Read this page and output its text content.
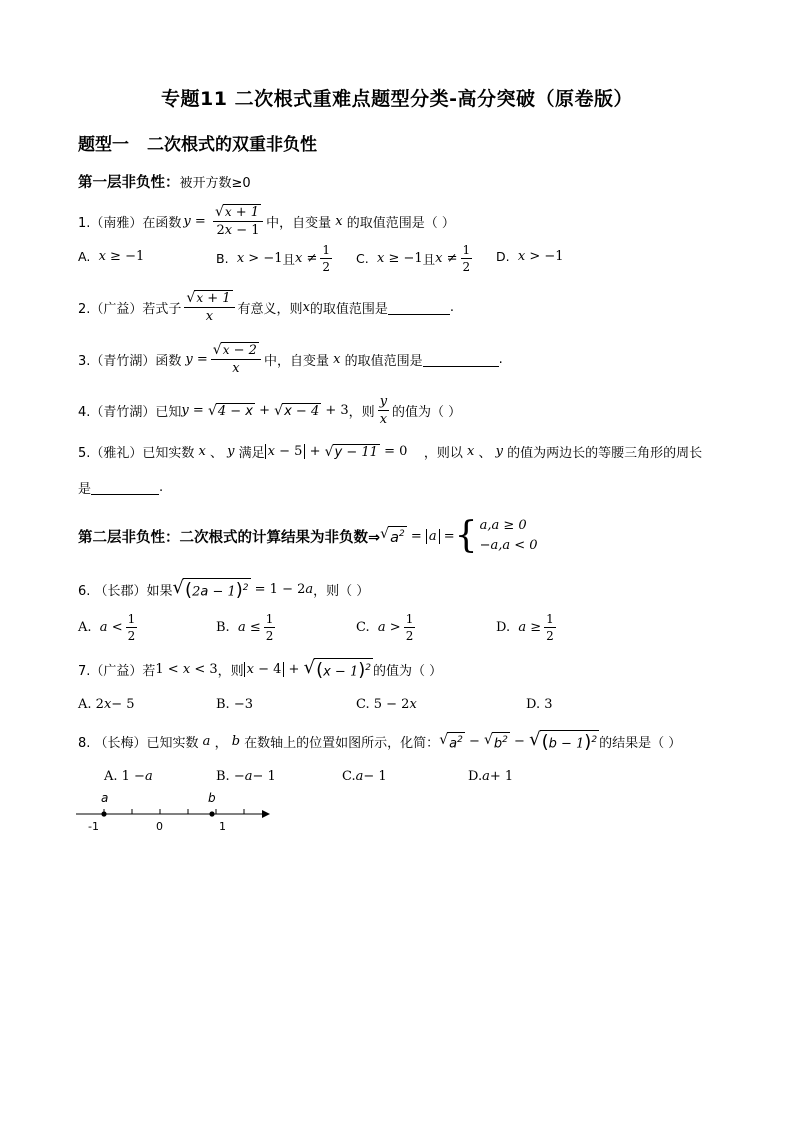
专题11 二次根式重难点题型分类-高分突破（原卷版）
题型一 二次根式的双重非负性
第一层非负性： 被开方数≥0
1.（南雅）在函数 $y = \frac{√ x + 1}{2x - 1}$ 中，自变量 x 的取值范围是（ ）
A. x ≥ −1	B. x > −1 且 $x \ne \frac{1}{2} C$. x ≥ −1 且 $x \ne \frac{1}{2} D$. x > −1
2.（广益）若式子 $\frac{√ x + 1}{x}$ 有意义，则 x 的取值范围是	.
3.（青竹湖）函数 $y = \frac{√ x - 2}{x}$ 中，自变量 x 的取值范围是	.
4.（青竹湖）已知 y = √ 4 − x + √ x − 4 + 3 ，则 $\frac{y}{x}$ 的值为（ ）
5.（雅礼）已知实数 x 、 y 满足 x − 5 + √ y − 11 = 0 ，则以 x 、 y 的值为两边长的等腰三角形的周长
是	.
第二层非负性：二次根式的计算结果为非负数⇒ √ $a^2 = a$ = { a,a ≥ 0
−a,a < 0
6. （长郡）如果 √ $(2a - 1)^2 = 1 - 2$ a ，则（ ）
A. $a < \frac{1}{2}$	B. $a \le \frac{1}{2}$	C. $a > \frac{1}{2}$	D. $a \ge \frac{1}{2}$
7.（广益）若 1 < x < 3 ，则 x − 4 + √ $(x - 1)^2$ 的值为（ ）
A. 2 x − 5	B. −3	C. 5 − 2 x	D. 3
8. （长梅）已知实数 a ， b 在数轴上的位置如图所示，化简： √ $a^2$ − √ $b^2$ − √ $(b - 1)^2$ 的结果是（ ）
A. 1 − a	B. − a − 1	C. a − 1	D. a + 1
a	b
-1	0	1
